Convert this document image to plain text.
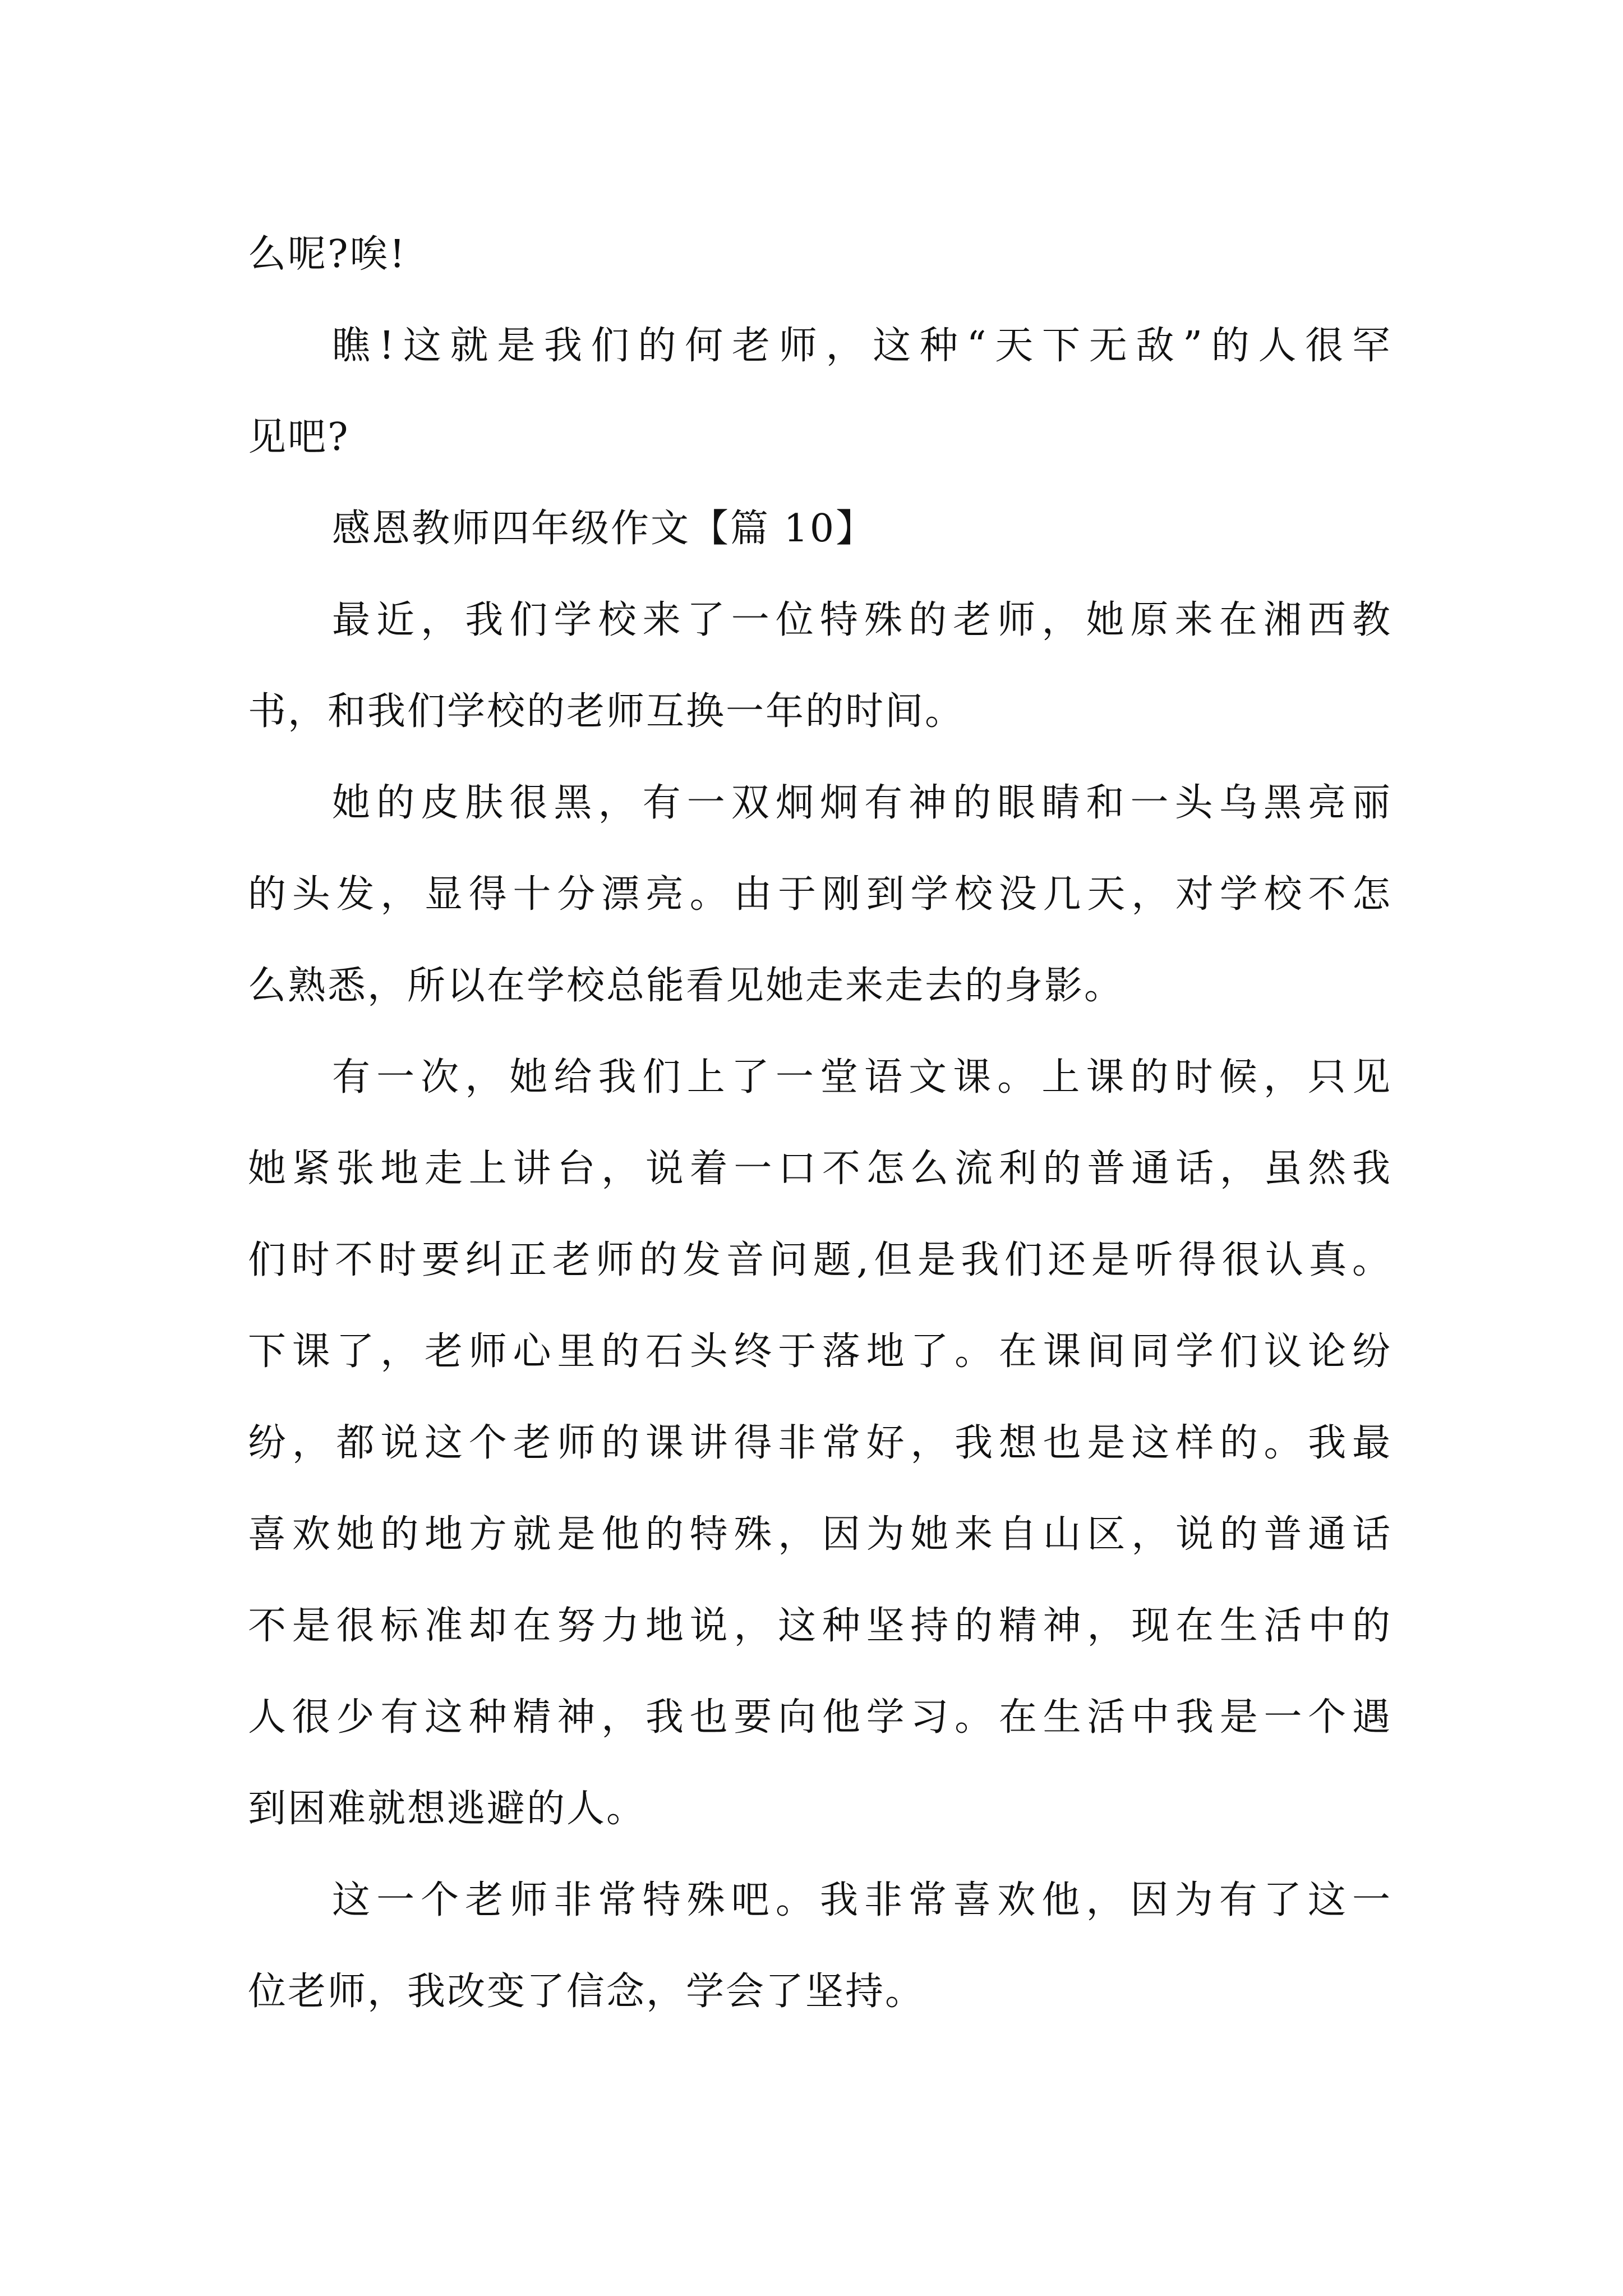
么呢?唉!
瞧!这就是我们的何老师，这种“天下无敌”的人很罕
见吧?
感恩教师四年级作文【篇 10】
最近，我们学校来了一位特殊的老师，她原来在湘西教
书，和我们学校的老师互换一年的时间。
她的皮肤很黑，有一双炯炯有神的眼睛和一头乌黑亮丽
的头发，显得十分漂亮。由于刚到学校没几天，对学校不怎
么熟悉，所以在学校总能看见她走来走去的身影。
有一次，她给我们上了一堂语文课。上课的时候，只见
她紧张地走上讲台，说着一口不怎么流利的普通话，虽然我
们时不时要纠正老师的发音问题,但是我们还是听得很认真。
下课了，老师心里的石头终于落地了。在课间同学们议论纷
纷，都说这个老师的课讲得非常好，我想也是这样的。我最
喜欢她的地方就是他的特殊，因为她来自山区，说的普通话
不是很标准却在努力地说，这种坚持的精神，现在生活中的
人很少有这种精神，我也要向他学习。在生活中我是一个遇
到困难就想逃避的人。
这一个老师非常特殊吧。我非常喜欢他，因为有了这一
位老师，我改变了信念，学会了坚持。
